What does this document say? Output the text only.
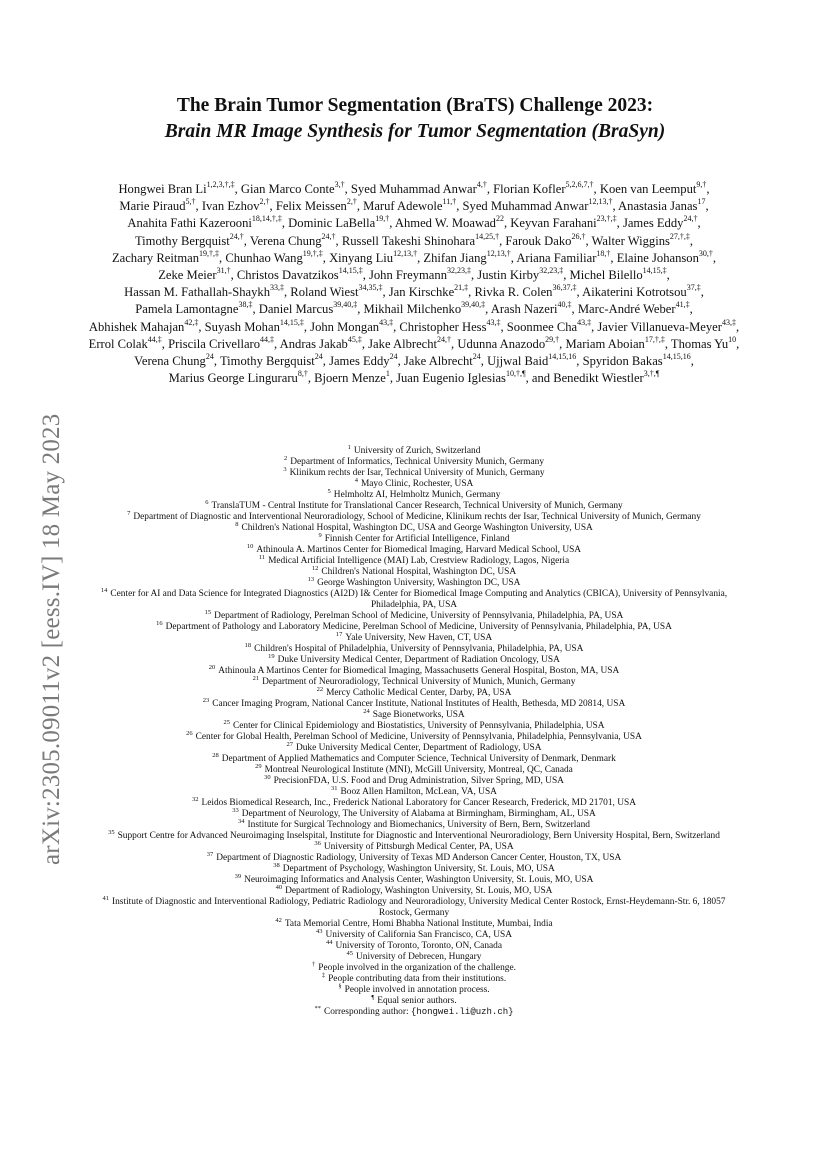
arXiv:2305.09011v2 [eess.IV] 18 May 2023
The Brain Tumor Segmentation (BraTS) Challenge 2023:
Brain MR Image Synthesis for Tumor Segmentation (BraSyn)
Hongwei Bran $Li^{1,2,3,\dagger,\ddagger}$, Gian Marco Conte$^{3,\dagger}$, Syed Muhammad Anwar$^{4,\dagger}$, Florian Kofler$^{5,2,6,7,\dagger}$, Koen van Leemput$^{9,\dagger}$, Marie Piraud$^{5,\dagger}$, Ivan Ezhov$^{2,\dagger}$, Felix Meissen$^{2,\dagger}$, Maruf Adewole$^{11,\dagger}$, Syed Muhammad Anwar$^{12,13,\dagger}$, Anastasia Janas$^{17}$, Anahita Fathi Kazerooni$^{18,14,\dagger,\ddagger}$, Dominic LaBella$^{19,\dagger}$, Ahmed W. Moawad$^{22}$, Keyvan Farahani$^{23,\dagger,\ddagger}$, James Eddy$^{24,\dagger}$, Timothy Bergquist$^{24,\dagger}$, Verena Chung$^{24,\dagger}$, Russell Takeshi Shinohara$^{14,25,\dagger}$, Farouk Dako$^{26,\dagger}$, Walter Wiggins$^{27,\dagger,\ddagger}$, Zachary Reitman$^{19,\dagger,\ddagger}$, Chunhao Wang$^{19,\dagger,\ddagger}$, Xinyang Liu$^{12,13,\dagger}$, Zhifan Jiang$^{12,13,\dagger}$, Ariana Familiar$^{18,\dagger}$, Elaine Johanson$^{30,\dagger}$, Zeke Meier$^{31,\dagger}$, Christos Davatzikos$^{14,15,\ddagger}$, John Freymann$^{32,23,\ddagger}$, Justin Kirby$^{32,23,\ddagger}$, Michel Bilello$^{14,15,\ddagger}$, Hassan M. Fathallah-Shaykh$^{33,\ddagger}$, Roland Wiest$^{34,35,\ddagger}$, Jan Kirschke$^{21,\ddagger}$, Rivka R. Colen$^{36,37,\ddagger}$, Aikaterini Kotrotsou$^{37,\ddagger}$, Pamela Lamontagne$^{38,\ddagger}$, Daniel Marcus$^{39,40,\ddagger}$, Mikhail Milchenko$^{39,40,\ddagger}$, Arash Nazeri$^{40,\ddagger}$, Marc-André Weber$^{41,\ddagger}$, Abhishek Mahajan$^{42,\ddagger}$, Suyash Mohan$^{14,15,\ddagger}$, John Mongan$^{43,\ddagger}$, Christopher Hess$^{43,\ddagger}$, Soonmee Cha$^{43,\ddagger}$, Javier Villanueva-Meyer$^{43,\ddagger}$, Errol Colak$^{44,\ddagger}$, Priscila Crivellaro$^{44,\ddagger}$, Andras Jakab$^{45,\ddagger}$, Jake Albrecht$^{24,\dagger}$, Udunna Anazodo$^{29,\dagger}$, Mariam Aboian$^{17,\dagger,\ddagger}$, Thomas Yu$^{10}$, Verena Chung$^{24}$, Timothy Bergquist$^{24}$, James Eddy$^{24}$, Jake Albrecht$^{24}$, Ujjwal Baid$^{14,15,16}$, Spyridon Bakas$^{14,15,16}$, Marius George Linguraru$^{8,\dagger}$, Bjoern Menze$^1$, Juan Eugenio Iglesias$^{10,\dagger,\P}$, and Benedikt Wiestler$^{3,\dagger,\P}$
$^1$ University of Zurich, Switzerland
$^2$ Department of Informatics, Technical University Munich, Germany
$^3$ Klinikum rechts der Isar, Technical University of Munich, Germany
$^4$ Mayo Clinic, Rochester, USA
$^5$ Helmholtz AI, Helmholtz Munich, Germany
$^6$ TranslaTUM - Central Institute for Translational Cancer Research, Technical University of Munich, Germany
$^7$ Department of Diagnostic and Interventional Neuroradiology, School of Medicine, Klinikum rechts der Isar, Technical University of Munich, Germany
$^8$ Children's National Hospital, Washington DC, USA and George Washington University, USA
$^9$ Finnish Center for Artificial Intelligence, Finland
$^{10}$ Athinoula A. Martinos Center for Biomedical Imaging, Harvard Medical School, USA
$^{11}$ Medical Artificial Intelligence (MAI) Lab, Crestview Radiology, Lagos, Nigeria
$^{12}$ Children's National Hospital, Washington DC, USA
$^{13}$ George Washington University, Washington DC, USA
$^{14}$ Center for AI and Data Science for Integrated Diagnostics (AI2D) I& Center for Biomedical Image Computing and Analytics (CBICA), University of Pennsylvania, Philadelphia, PA, USA
$^{15}$ Department of Radiology, Perelman School of Medicine, University of Pennsylvania, Philadelphia, PA, USA
$^{16}$ Department of Pathology and Laboratory Medicine, Perelman School of Medicine, University of Pennsylvania, Philadelphia, PA, USA
$^{17}$ Yale University, New Haven, CT, USA
$^{18}$ Children's Hospital of Philadelphia, University of Pennsylvania, Philadelphia, PA, USA
$^{19}$ Duke University Medical Center, Department of Radiation Oncology, USA
$^{20}$ Athinoula A Martinos Center for Biomedical Imaging, Massachusetts General Hospital, Boston, MA, USA
$^{21}$ Department of Neuroradiology, Technical University of Munich, Munich, Germany
$^{22}$ Mercy Catholic Medical Center, Darby, PA, USA
$^{23}$ Cancer Imaging Program, National Cancer Institute, National Institutes of Health, Bethesda, MD 20814, USA
$^{24}$ Sage Bionetworks, USA
$^{25}$ Center for Clinical Epidemiology and Biostatistics, University of Pennsylvania, Philadelphia, USA
$^{26}$ Center for Global Health, Perelman School of Medicine, University of Pennsylvania, Philadelphia, Pennsylvania, USA
$^{27}$ Duke University Medical Center, Department of Radiology, USA
$^{28}$ Department of Applied Mathematics and Computer Science, Technical University of Denmark, Denmark
$^{29}$ Montreal Neurological Institute (MNI), McGill University, Montreal, QC, Canada
$^{30}$ PrecisionFDA, U.S. Food and Drug Administration, Silver Spring, MD, USA
$^{31}$ Booz Allen Hamilton, McLean, VA, USA
$^{32}$ Leidos Biomedical Research, Inc., Frederick National Laboratory for Cancer Research, Frederick, MD 21701, USA
$^{33}$ Department of Neurology, The University of Alabama at Birmingham, Birmingham, AL, USA
$^{34}$ Institute for Surgical Technology and Biomechanics, University of Bern, Bern, Switzerland
$^{35}$ Support Centre for Advanced Neuroimaging Inselspital, Institute for Diagnostic and Interventional Neuroradiology, Bern University Hospital, Bern, Switzerland
$^{36}$ University of Pittsburgh Medical Center, PA, USA
$^{37}$ Department of Diagnostic Radiology, University of Texas MD Anderson Cancer Center, Houston, TX, USA
$^{38}$ Department of Psychology, Washington University, St. Louis, MO, USA
$^{39}$ Neuroimaging Informatics and Analysis Center, Washington University, St. Louis, MO, USA
$^{40}$ Department of Radiology, Washington University, St. Louis, MO, USA
$^{41}$ Institute of Diagnostic and Interventional Radiology, Pediatric Radiology and Neuroradiology, University Medical Center Rostock, Ernst-Heydemann-Str. 6, 18057 Rostock, Germany
$^{42}$ Tata Memorial Centre, Homi Bhabha National Institute, Mumbai, India
$^{43}$ University of California San Francisco, CA, USA
$^{44}$ University of Toronto, Toronto, ON, Canada
$^{45}$ University of Debrecen, Hungary
† People involved in the organization of the challenge.
‡ People contributing data from their institutions.
§ People involved in annotation process.
¶ Equal senior authors.
** Corresponding author: {hongwei.li@uzh.ch}
